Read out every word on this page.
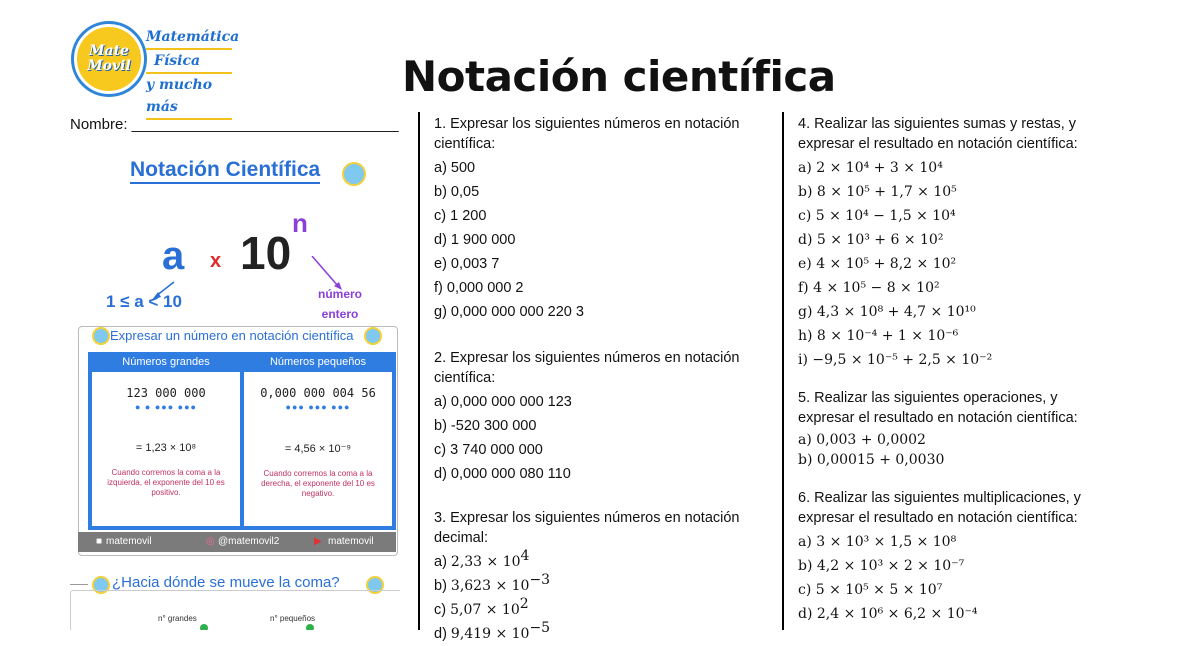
Mate
Movil
Matemática
Física
y mucho más
Notación científica
Nombre: ________________________________
Notación Científica
a x 10
n
1 ≤ a < 10	número
entero
Expresar un número en notación científica
Números grandes
123 000 000
● ● ●●● ●●●
= 1,23 × 10⁸
Cuando corremos la coma a la izquierda, el exponente del 10 es positivo.
Números pequeños
0,000 000 004 56
●●● ●●● ●●●
= 4,56 × 10⁻⁹
Cuando corremos la coma a la derecha, el exponente del 10 es negativo.
■ matemovil	◎ @matemovil2	▶ matemovil
¿Hacia dónde se mueve la coma?
n° grandes	n° pequeños
1. Expresar los siguientes números en notación científica:
a) 500
b) 0,05
c) 1 200
d) 1 900 000
e) 0,003 7
f) 0,000 000 2
g) 0,000 000 000 220 3
2. Expresar los siguientes números en notación científica:
a) 0,000 000 000 123
b) -520 300 000
c) 3 740 000 000
d) 0,000 000 080 110
3. Expresar los siguientes números en notación decimal:
a) $2,33 \times 10^4$
b) $3,623 \times 10^{-3}$
c) $5,07 \times 10^2$
d) $9,419 \times 10^{-5}$
4. Realizar las siguientes sumas y restas, y expresar el resultado en notación científica:
a) 2 × 10⁴ + 3 × 10⁴
b) 8 × 10⁵ + 1,7 × 10⁵
c) 5 × 10⁴ − 1,5 × 10⁴
d) 5 × 10³ + 6 × 10²
e) 4 × 10⁵ + 8,2 × 10²
f) 4 × 10⁵ − 8 × 10²
g) 4,3 × 10⁸ + 4,7 × 10¹⁰
h) 8 × 10⁻⁴ + 1 × 10⁻⁶
i) −9,5 × 10⁻⁵ + 2,5 × 10⁻²
5. Realizar las siguientes operaciones, y expresar el resultado en notación científica:
a) 0,003 + 0,0002
b) 0,00015 + 0,0030
6. Realizar las siguientes multiplicaciones, y expresar el resultado en notación científica:
a) 3 × 10³ × 1,5 × 10⁸
b) 4,2 × 10³ × 2 × 10⁻⁷
c) 5 × 10⁵ × 5 × 10⁷
d) 2,4 × 10⁶ × 6,2 × 10⁻⁴
